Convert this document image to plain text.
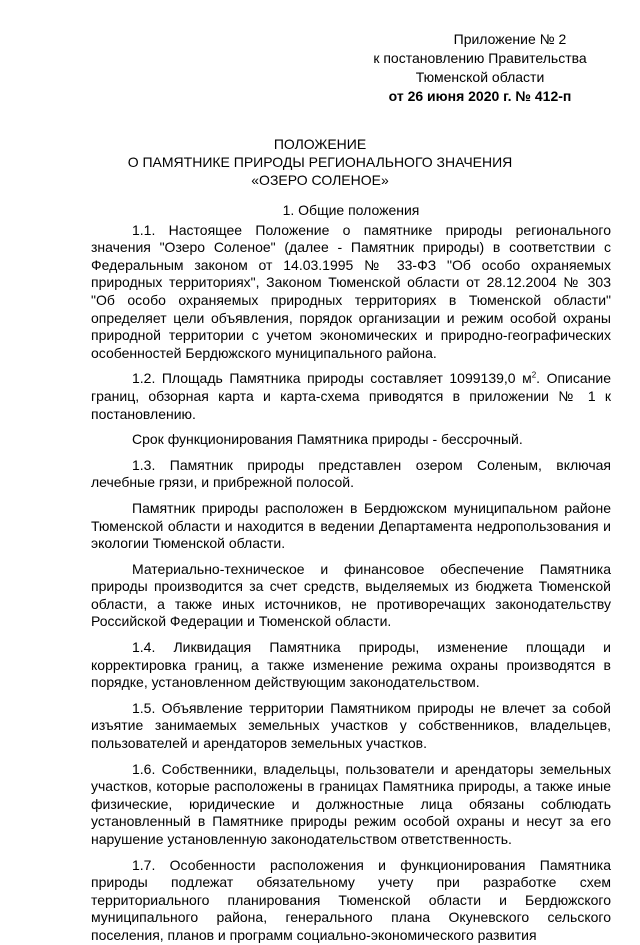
Приложение № 2
к постановлению Правительства
Тюменской области
от 26 июня 2020 г. № 412-п
ПОЛОЖЕНИЕ
О ПАМЯТНИКЕ ПРИРОДЫ РЕГИОНАЛЬНОГО ЗНАЧЕНИЯ
«ОЗЕРО СОЛЕНОЕ»
1. Общие положения

1.1. Настоящее Положение о памятнике природы регионального значения "Озеро Соленое" (далее - Памятник природы) в соответствии с Федеральным законом от 14.03.1995 № 33-ФЗ "Об особо охраняемых природных территориях", Законом Тюменской области от 28.12.2004 № 303 "Об особо охраняемых природных территориях в Тюменской области" определяет цели объявления, порядок организации и режим особой охраны природной территории с учетом экономических и природно-географических особенностей Бердюжского муниципального района.

1.2. Площадь Памятника природы составляет 1099139,0 $м^2$. Описание границ, обзорная карта и карта-схема приводятся в приложении № 1 к постановлению.

Срок функционирования Памятника природы - бессрочный.

1.3. Памятник природы представлен озером Соленым, включая лечебные грязи, и прибрежной полосой.

Памятник природы расположен в Бердюжском муниципальном районе Тюменской области и находится в ведении Департамента недропользования и экологии Тюменской области.

Материально-техническое и финансовое обеспечение Памятника природы производится за счет средств, выделяемых из бюджета Тюменской области, а также иных источников, не противоречащих законодательству Российской Федерации и Тюменской области.

1.4. Ликвидация Памятника природы, изменение площади и корректировка границ, а также изменение режима охраны производятся в порядке, установленном действующим законодательством.

1.5. Объявление территории Памятником природы не влечет за собой изъятие занимаемых земельных участков у собственников, владельцев, пользователей и арендаторов земельных участков.

1.6. Собственники, владельцы, пользователи и арендаторы земельных участков, которые расположены в границах Памятника природы, а также иные физические, юридические и должностные лица обязаны соблюдать установленный в Памятнике природы режим особой охраны и несут за его нарушение установленную законодательством ответственность.

1.7. Особенности расположения и функционирования Памятника природы подлежат обязательному учету при разработке схем территориального планирования Тюменской области и Бердюжского муниципального района, генерального плана Окуневского сельского поселения, планов и программ социально-экономического развития
